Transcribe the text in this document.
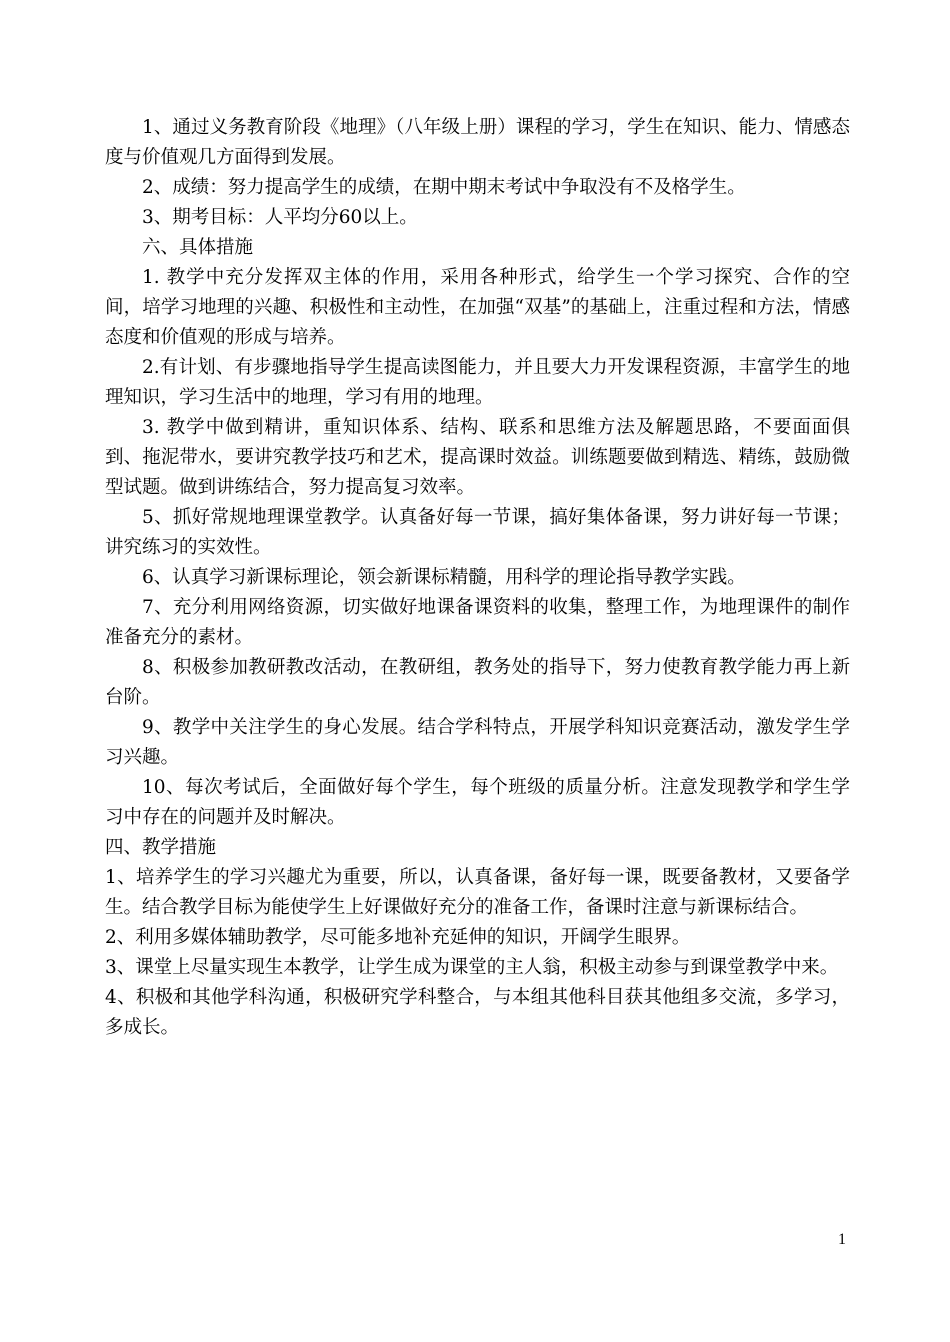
1、通过义务教育阶段《地理》（八年级上册）课程的学习，学生在知识、能力、情感态度与价值观几方面得到发展。

2、成绩：努力提高学生的成绩，在期中期末考试中争取没有不及格学生。

3、期考目标：人平均分60以上。

六、具体措施

1. 教学中充分发挥双主体的作用，采用各种形式，给学生一个学习探究、合作的空间，培学习地理的兴趣、积极性和主动性，在加强“双基”的基础上，注重过程和方法，情感态度和价值观的形成与培养。

2.有计划、有步骤地指导学生提高读图能力，并且要大力开发课程资源，丰富学生的地理知识，学习生活中的地理，学习有用的地理。

3. 教学中做到精讲，重知识体系、结构、联系和思维方法及解题思路，不要面面俱到、拖泥带水，要讲究教学技巧和艺术，提高课时效益。训练题要做到精选、精练，鼓励微型试题。做到讲练结合，努力提高复习效率。

5、抓好常规地理课堂教学。认真备好每一节课，搞好集体备课，努力讲好每一节课；讲究练习的实效性。

6、认真学习新课标理论，领会新课标精髓，用科学的理论指导教学实践。

7、充分利用网络资源，切实做好地课备课资料的收集，整理工作，为地理课件的制作准备充分的素材。

8、积极参加教研教改活动，在教研组，教务处的指导下，努力使教育教学能力再上新台阶。

9、教学中关注学生的身心发展。结合学科特点，开展学科知识竞赛活动，激发学生学习兴趣。

10、每次考试后，全面做好每个学生，每个班级的质量分析。注意发现教学和学生学习中存在的问题并及时解决。

四、教学措施

1、培养学生的学习兴趣尤为重要，所以，认真备课，备好每一课，既要备教材，又要备学生。结合教学目标为能使学生上好课做好充分的准备工作，备课时注意与新课标结合。

2、利用多媒体辅助教学，尽可能多地补充延伸的知识，开阔学生眼界。

3、课堂上尽量实现生本教学，让学生成为课堂的主人翁，积极主动参与到课堂教学中来。

4、积极和其他学科沟通，积极研究学科整合，与本组其他科目获其他组多交流，多学习，多成长。

1
